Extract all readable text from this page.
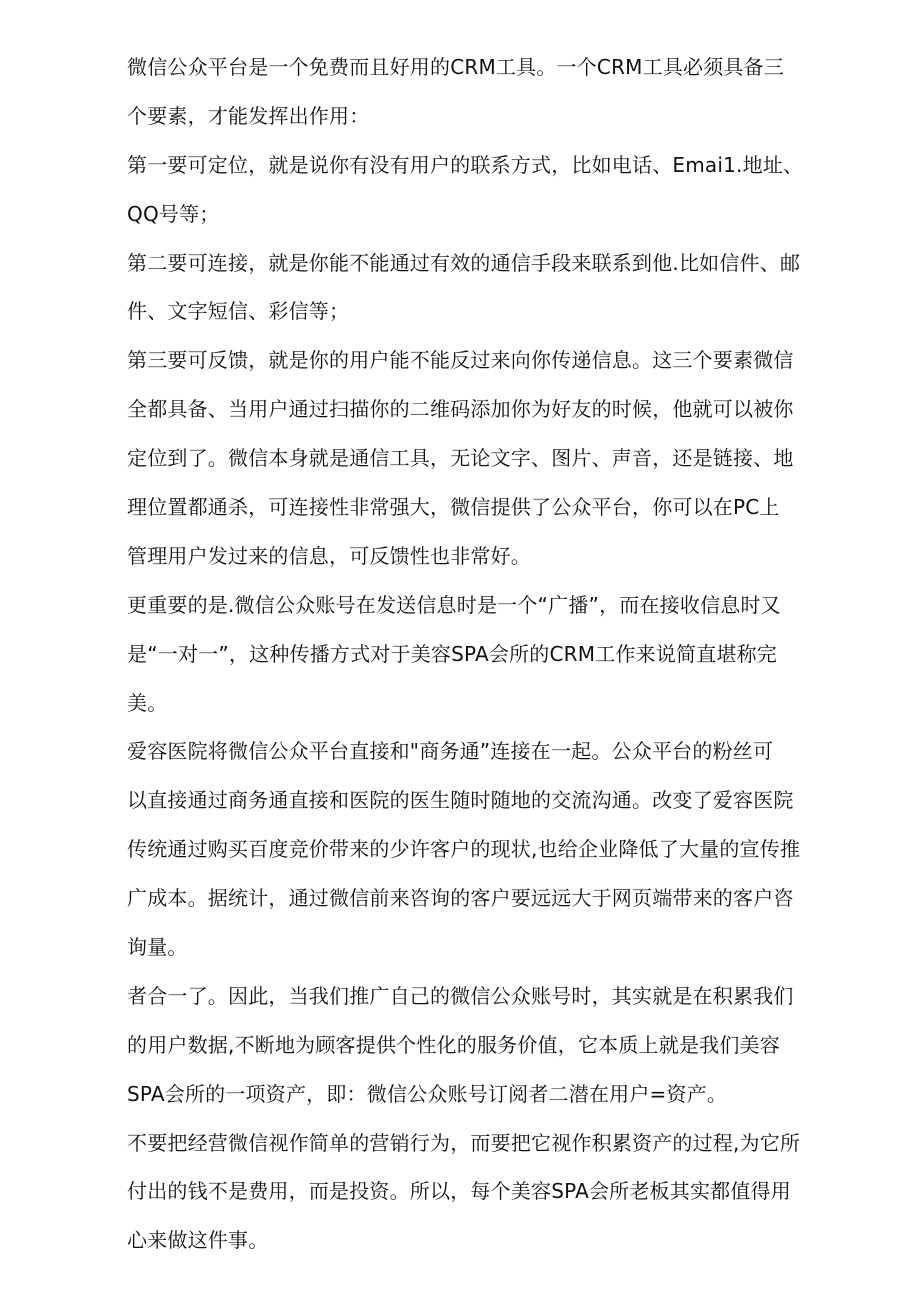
微信公众平台是一个免费而且好用的CRM工具。一个CRM工具必须具备三
个要素，才能发挥出作用：
第一要可定位，就是说你有没有用户的联系方式，比如电话、Emai1.地址、
QQ号等；
第二要可连接，就是你能不能通过有效的通信手段来联系到他.比如信件、邮
件、文字短信、彩信等；
第三要可反馈，就是你的用户能不能反过来向你传递信息。这三个要素微信
全都具备、当用户通过扫描你的二维码添加你为好友的时候，他就可以被你
定位到了。微信本身就是通信工具，无论文字、图片、声音，还是链接、地
理位置都通杀，可连接性非常强大，微信提供了公众平台，你可以在PC上
管理用户发过来的信息，可反馈性也非常好。
更重要的是.微信公众账号在发送信息时是一个“广播”，而在接收信息时又
是“一对一”，这种传播方式对于美容SPA会所的CRM工作来说简直堪称完
美。
爱容医院将微信公众平台直接和"商务通”连接在一起。公众平台的粉丝可
以直接通过商务通直接和医院的医生随时随地的交流沟通。改变了爱容医院
传统通过购买百度竞价带来的少许客户的现状,也给企业降低了大量的宣传推
广成本。据统计，通过微信前来咨询的客户要远远大于网页端带来的客户咨
询量。
者合一了。因此，当我们推广自己的微信公众账号时，其实就是在积累我们
的用户数据,不断地为顾客提供个性化的服务价值，它本质上就是我们美容
SPA会所的一项资产，即：微信公众账号订阅者二潜在用户=资产。
不要把经营微信视作简单的营销行为，而要把它视作积累资产的过程,为它所
付出的钱不是费用，而是投资。所以，每个美容SPA会所老板其实都值得用
心来做这件事。
